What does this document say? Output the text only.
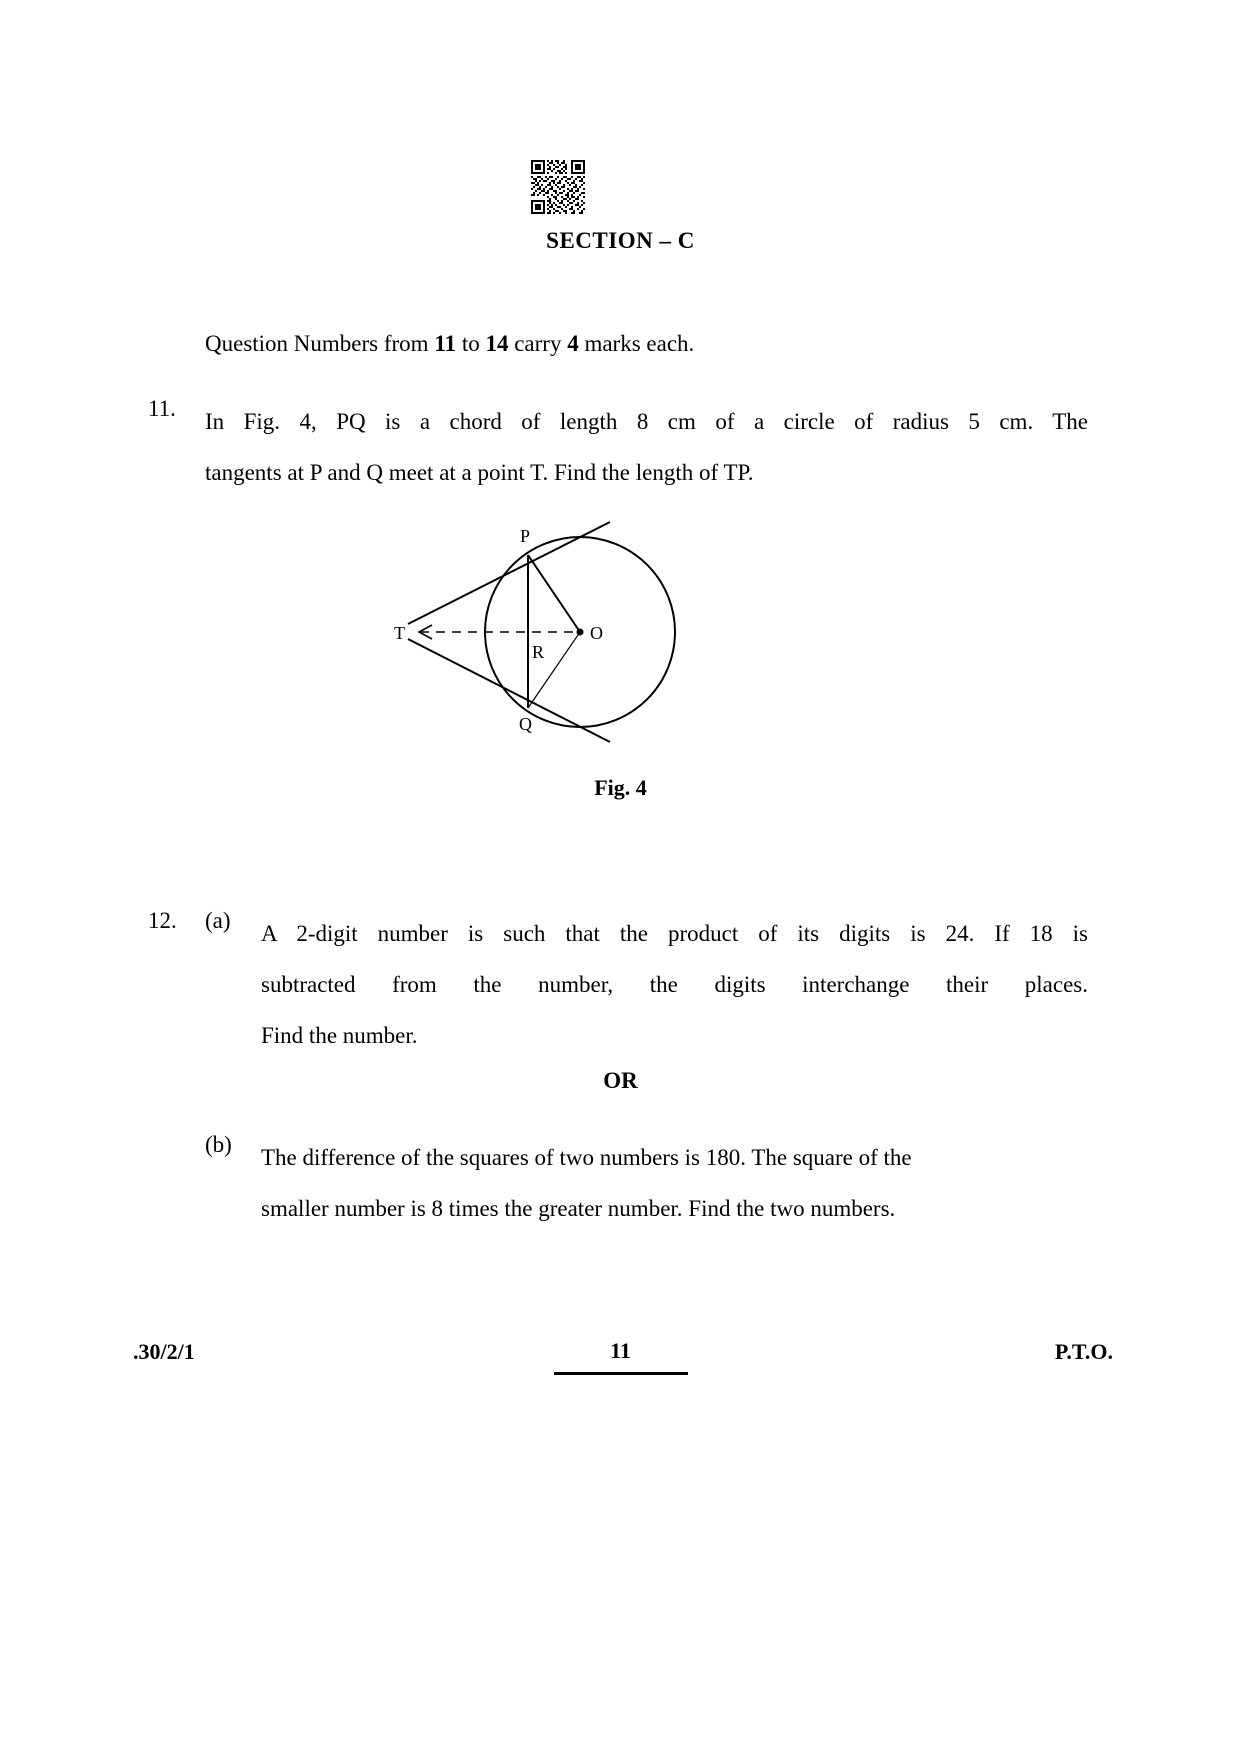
SECTION – C
Question Numbers from 11 to 14 carry 4 marks each.
11.
In Fig. 4, PQ is a chord of length 8 cm of a circle of radius 5 cm. The
tangents at P and Q meet at a point T. Find the length of TP.
P
Q
T	O
R
Fig. 4
12.	(a)
A 2-digit number is such that the product of its digits is 24. If 18 is
subtracted from the number, the digits interchange their places.
Find the number.
OR
(b)
The difference of the squares of two numbers is 180. The square of the
smaller number is 8 times the greater number. Find the two numbers.
.30/2/1	11	P.T.O.
